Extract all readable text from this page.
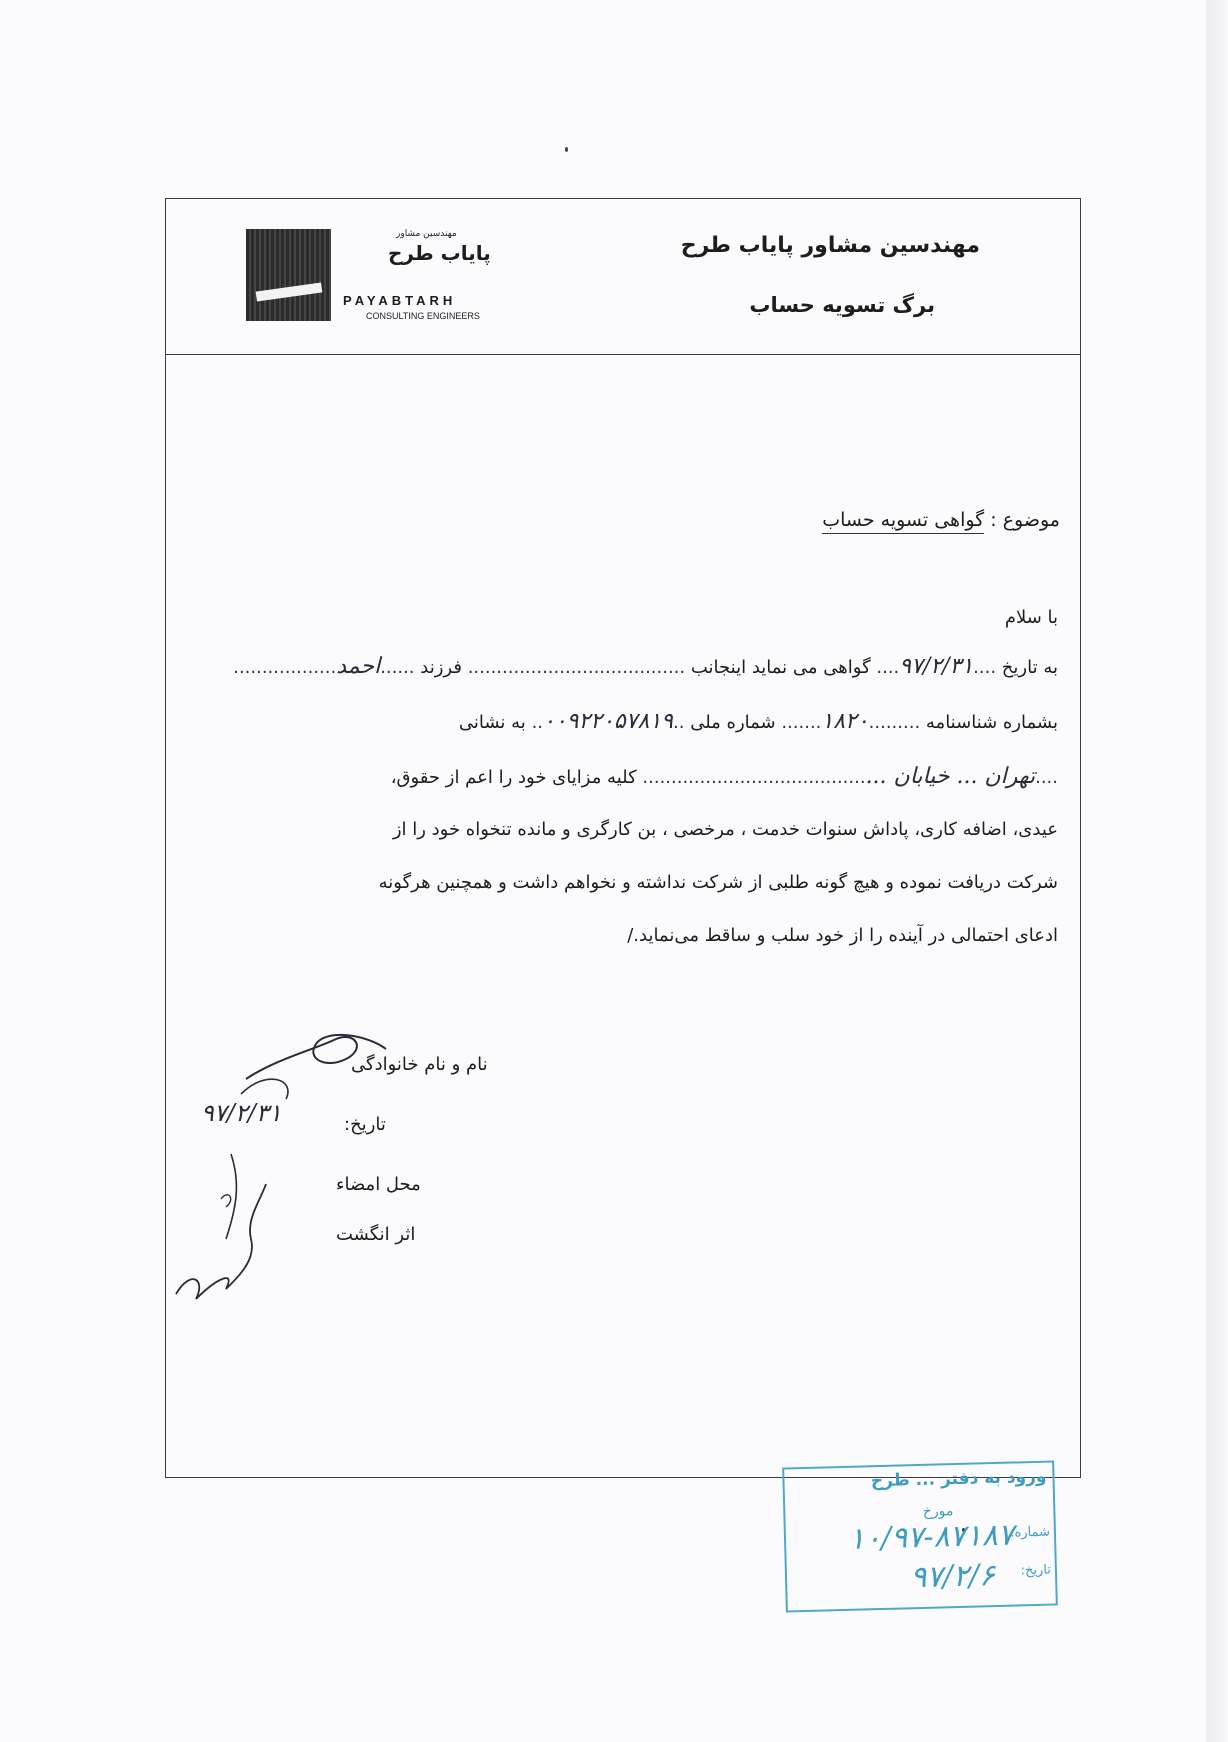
مهندسین مشاور پایاب طرح
برگ تسویه حساب
مهندسین مشاور
پایاب طرح
PAYABTARH
CONSULTING ENGINEERS
موضوع : گواهی تسویه حساب
با سلام
به تاریخ ....۹۷/۲/۳۱.... گواهی می نماید اینجانب ...................................... فرزند ......احمد..................
بشماره شناسنامه .........۱۸۲۰....... شماره ملی ..۰۰۹۲۲۰۵۷۸۱۹.. به نشانی
....تهران ... خیابان .......................................... کلیه مزایای خود را اعم از حقوق،
عیدی، اضافه کاری، پاداش سنوات خدمت ، مرخصی ، بن کارگری و مانده تنخواه خود را از
شرکت دریافت نموده و هیچ گونه طلبی از شرکت نداشته و نخواهم داشت و همچنین هرگونه
ادعای احتمالی در آینده را از خود سلب و ساقط می‌نماید./
نام و نام خانوادگی
تاریخ:
۹۷/۲/۳۱
محل امضاء
اثر انگشت
ورود به دفتر ... طرح
مورخ
شماره:
۱۰/۹۷-۸۷۱۸۷
تاریخ:
۹۷/۲/۶
